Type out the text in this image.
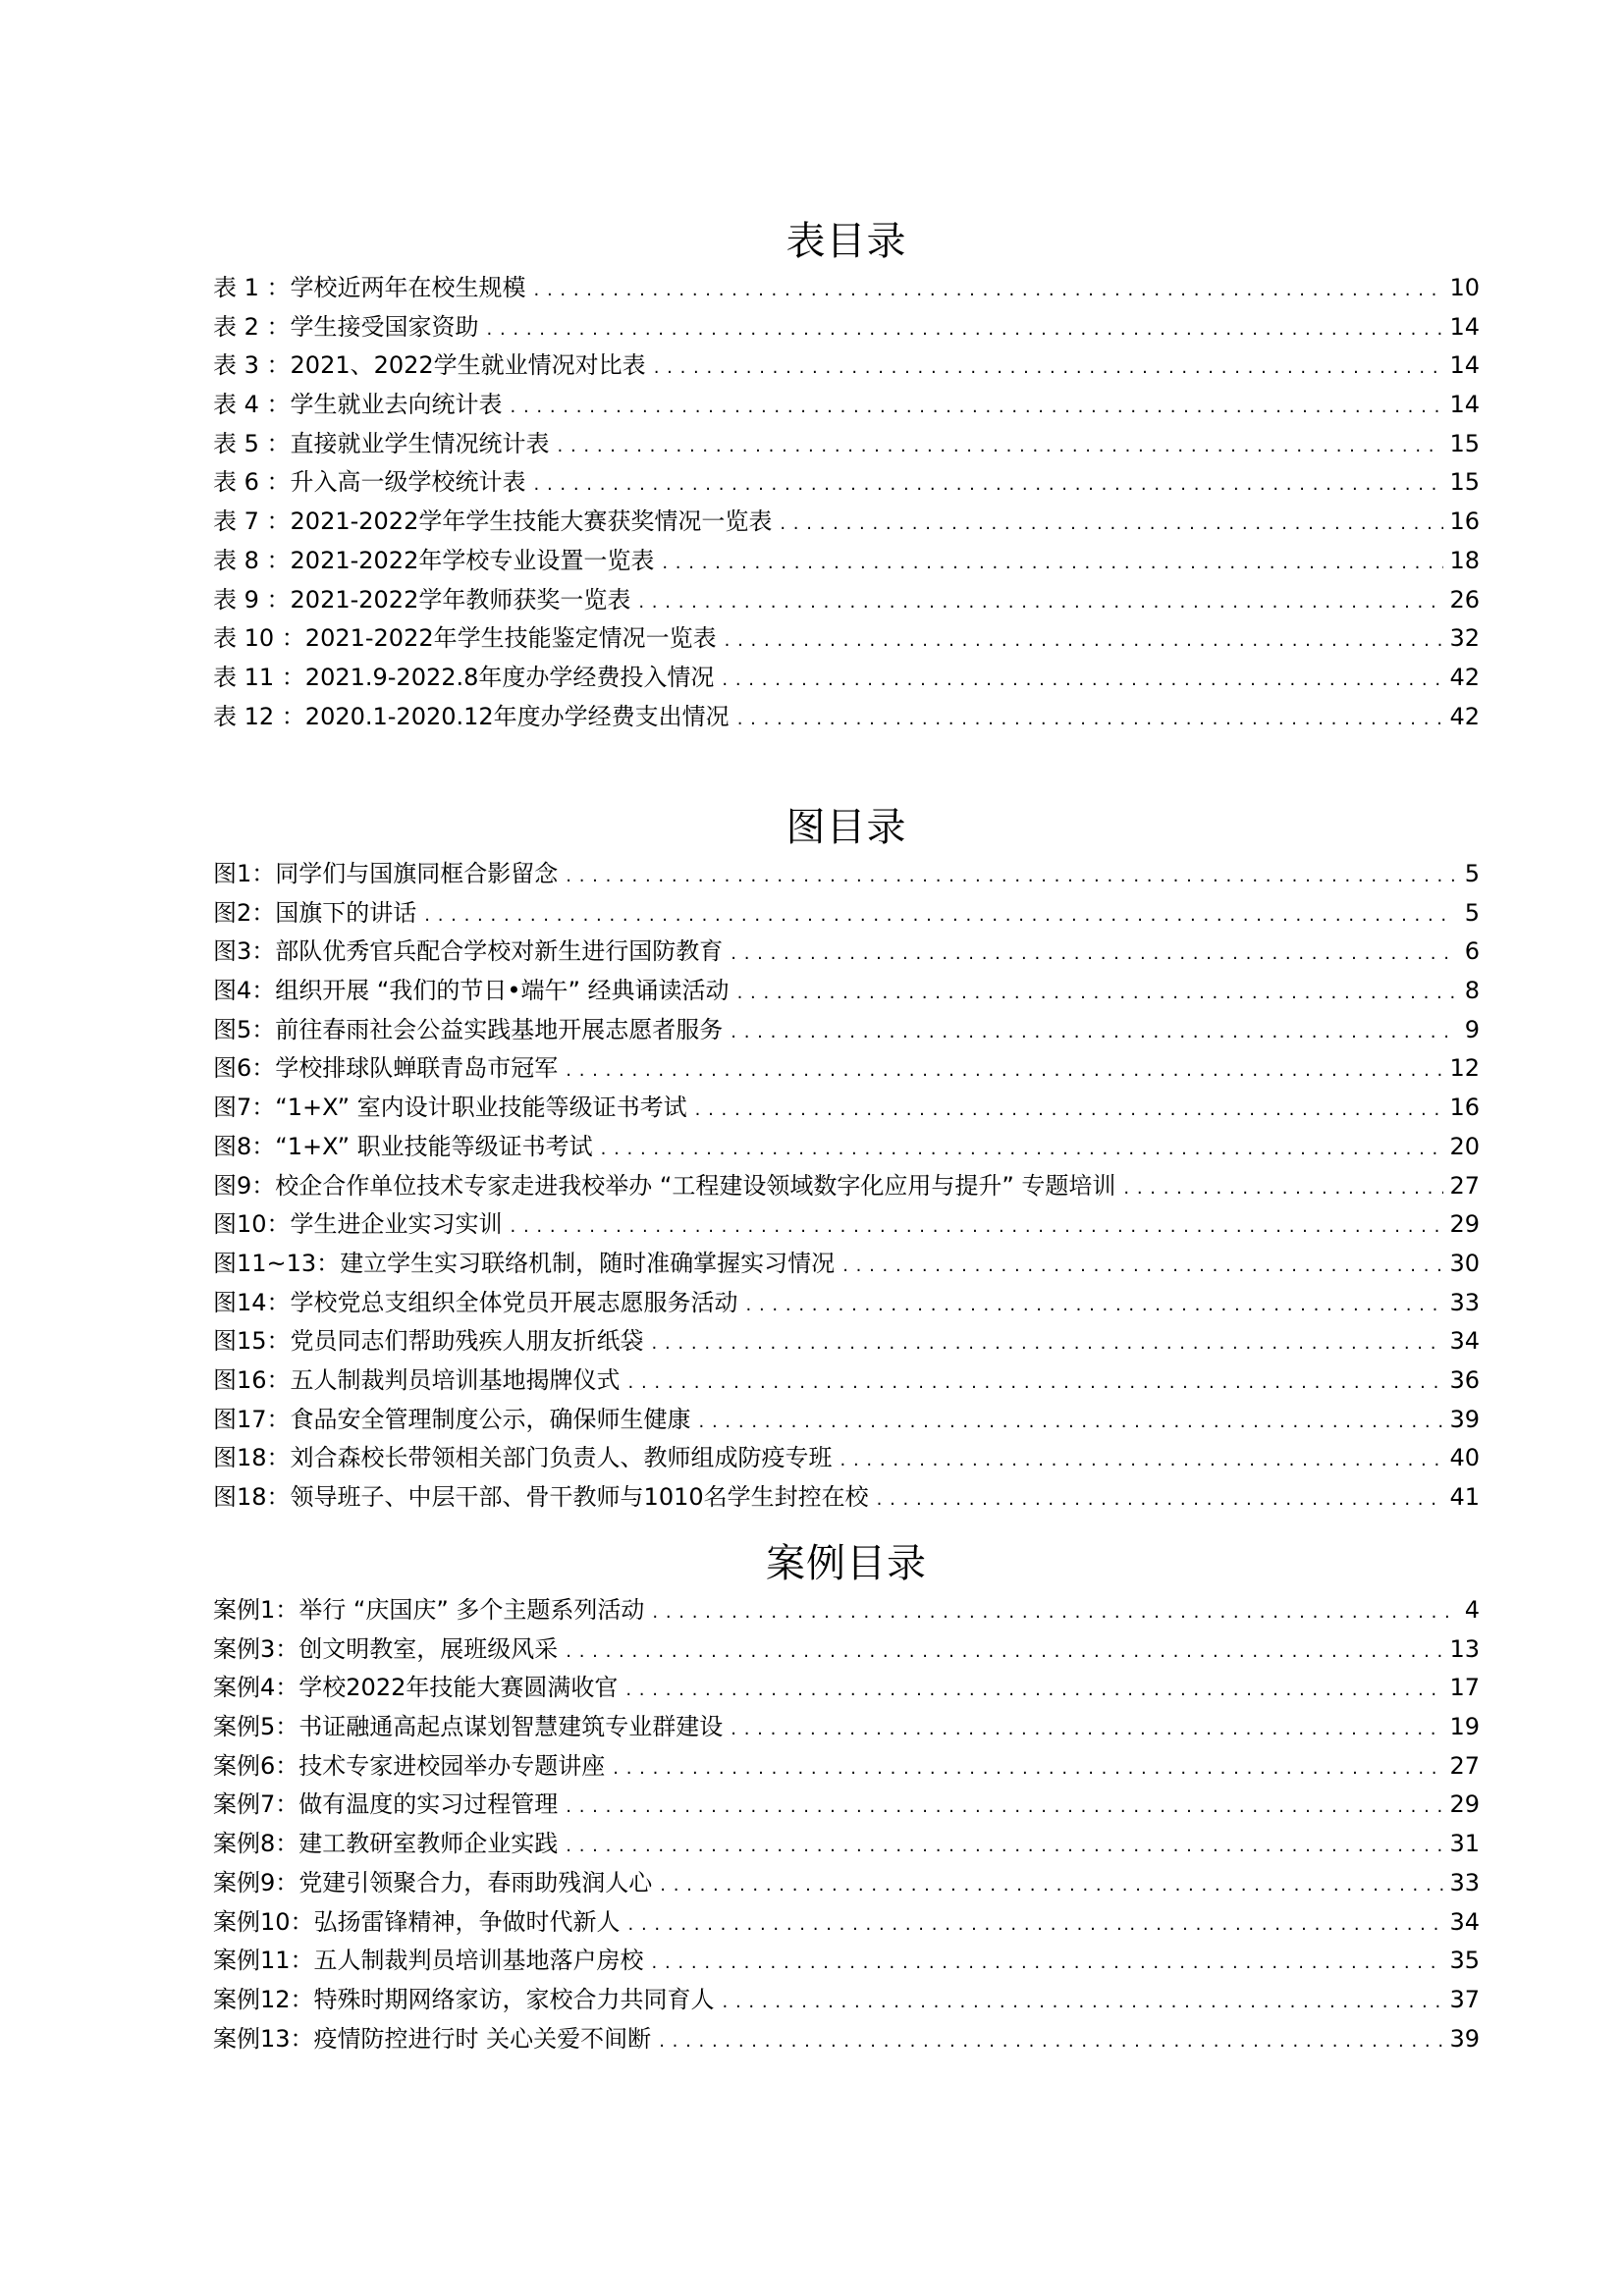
表目录
表 1 ： 学校近两年在校生规模 . . .	10
表 2 ： 学生接受国家资助 . . .	14
表 3 ： 2021、2022学生就业情况对比表 . . .	14
表 4 ： 学生就业去向统计表 . . .	14
表 5 ： 直接就业学生情况统计表 . . .	15
表 6 ： 升入高一级学校统计表 . . .	15
表 7 ： 2021-2022学年学生技能大赛获奖情况一览表 . . .	16
表 8 ： 2021-2022年学校专业设置一览表 . . .	18
表 9 ： 2021-2022学年教师获奖一览表 . . .	26
表 10 ： 2021-2022年学生技能鉴定情况一览表 . . .	32
表 11 ： 2021.9-2022.8年度办学经费投入情况 . . .	42
表 12 ： 2020.1-2020.12年度办学经费支出情况 . . .	42
图目录
图1： 同学们与国旗同框合影留念 . . .	5
图2： 国旗下的讲话 . . .	5
图3： 部队优秀官兵配合学校对新生进行国防教育 . . .	6
图4： 组织开展 “我们的节日•端午” 经典诵读活动 . . .	8
图5： 前往春雨社会公益实践基地开展志愿者服务 . . .	9
图6： 学校排球队蝉联青岛市冠军 . . .	12
图7： “1+X” 室内设计职业技能等级证书考试 . . .	16
图8： “1+X” 职业技能等级证书考试 . . .	20
图9： 校企合作单位技术专家走进我校举办 “工程建设领域数字化应用与提升” 专题培训 . . .	27
图10： 学生进企业实习实训 . . .	29
图11~13： 建立学生实习联络机制，随时准确掌握实习情况 . . .	30
图14： 学校党总支组织全体党员开展志愿服务活动 . . .	33
图15： 党员同志们帮助残疾人朋友折纸袋 . . .	34
图16： 五人制裁判员培训基地揭牌仪式 . . .	36
图17： 食品安全管理制度公示，确保师生健康 . . .	39
图18： 刘合森校长带领相关部门负责人、教师组成防疫专班 . . .	40
图18： 领导班子、中层干部、骨干教师与1010名学生封控在校 . . .	41
案例目录
案例1： 举行 “庆国庆” 多个主题系列活动 . . .	4
案例3： 创文明教室，展班级风采 . . .	13
案例4： 学校2022年技能大赛圆满收官 . . .	17
案例5： 书证融通高起点谋划智慧建筑专业群建设 . . .	19
案例6： 技术专家进校园举办专题讲座 . . .	27
案例7： 做有温度的实习过程管理 . . .	29
案例8： 建工教研室教师企业实践 . . .	31
案例9： 党建引领聚合力，春雨助残润人心 . . .	33
案例10： 弘扬雷锋精神，争做时代新人 . . .	34
案例11： 五人制裁判员培训基地落户房校 . . .	35
案例12： 特殊时期网络家访，家校合力共同育人 . . .	37
案例13： 疫情防控进行时 关心关爱不间断 . . .	39
